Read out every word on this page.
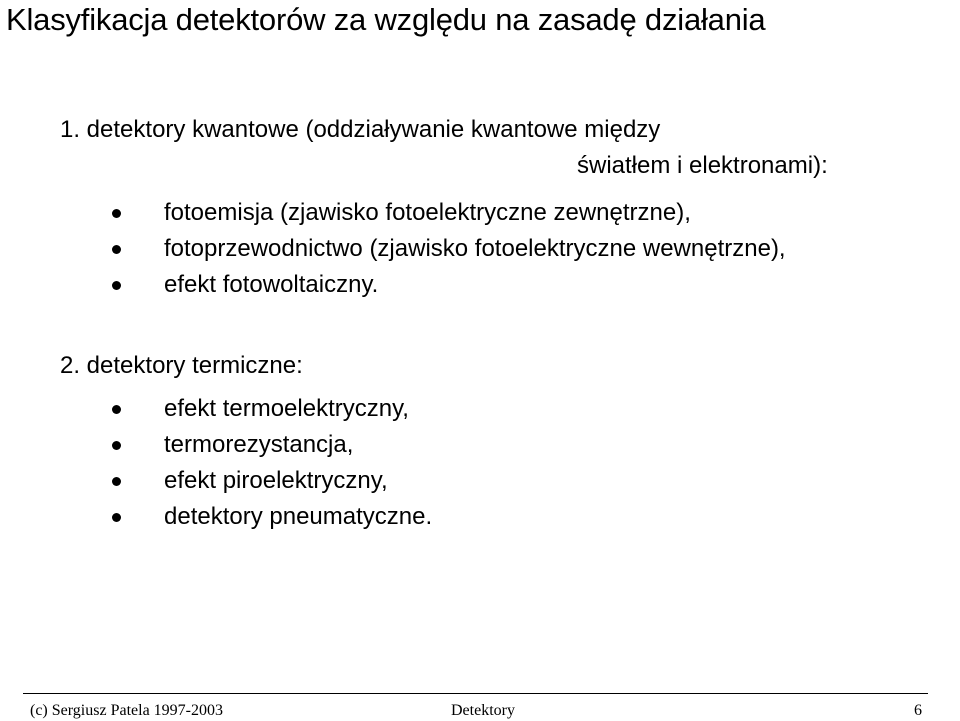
Klasyfikacja detektorów za względu na zasadę działania
1. detektory kwantowe (oddziaływanie kwantowe między
światłem i elektronami):
fotoemisja (zjawisko fotoelektryczne zewnętrzne),
fotoprzewodnictwo (zjawisko fotoelektryczne wewnętrzne),
efekt fotowoltaiczny.
2. detektory termiczne:
efekt termoelektryczny,
termorezystancja,
efekt piroelektryczny,
detektory pneumatyczne.
(c) Sergiusz Patela 1997-2003	Detektory	6
